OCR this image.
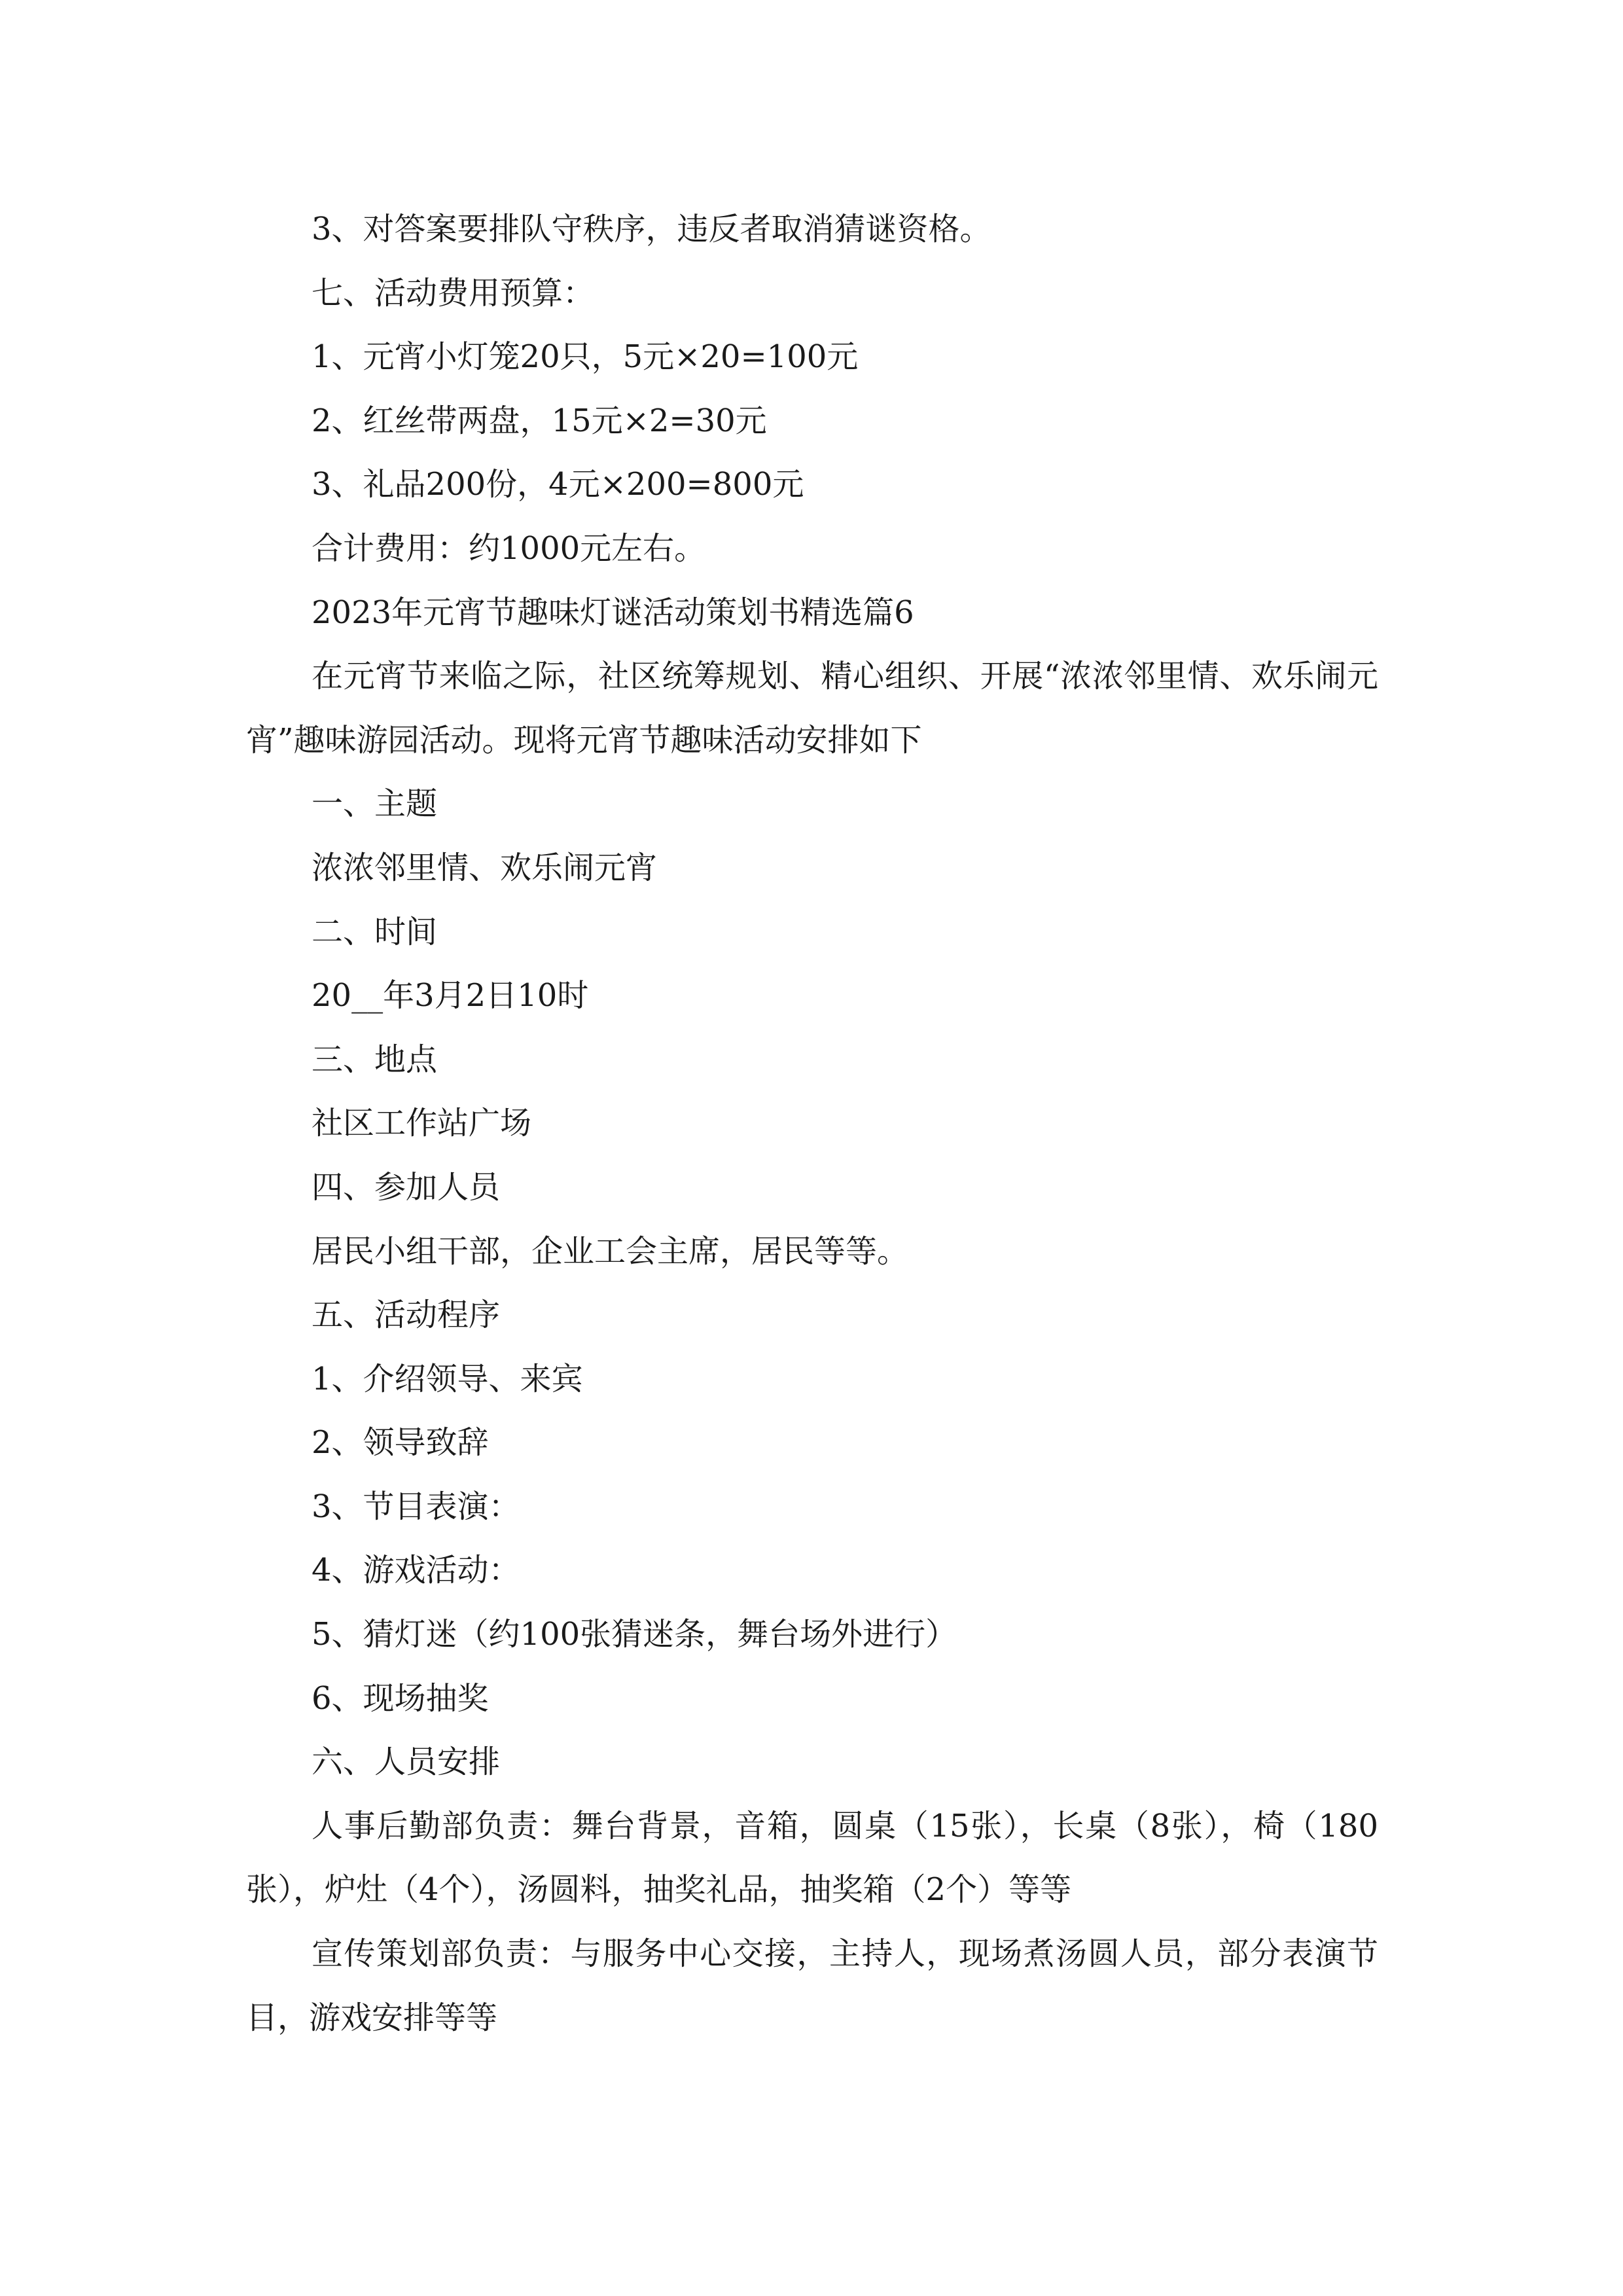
3、对答案要排队守秩序，违反者取消猜谜资格。

七、活动费用预算：

1、元宵小灯笼20只，5元×20=100元

2、红丝带两盘，15元×2=30元

3、礼品200份，4元×200=800元

合计费用：约1000元左右。

2023年元宵节趣味灯谜活动策划书精选篇6

在元宵节来临之际，社区统筹规划、精心组织、开展“浓浓邻里情、欢乐闹元宵”趣味游园活动。现将元宵节趣味活动安排如下

一、主题

浓浓邻里情、欢乐闹元宵

二、时间

20__年3月2日10时

三、地点

社区工作站广场

四、参加人员

居民小组干部，企业工会主席，居民等等。

五、活动程序

1、介绍领导、来宾

2、领导致辞

3、节目表演：

4、游戏活动：

5、猜灯迷（约100张猜迷条，舞台场外进行）

6、现场抽奖

六、人员安排

人事后勤部负责：舞台背景，音箱，圆桌（15张），长桌（8张），椅（180张），炉灶（4个），汤圆料，抽奖礼品，抽奖箱（2个）等等

宣传策划部负责：与服务中心交接，主持人，现场煮汤圆人员，部分表演节目，游戏安排等等
